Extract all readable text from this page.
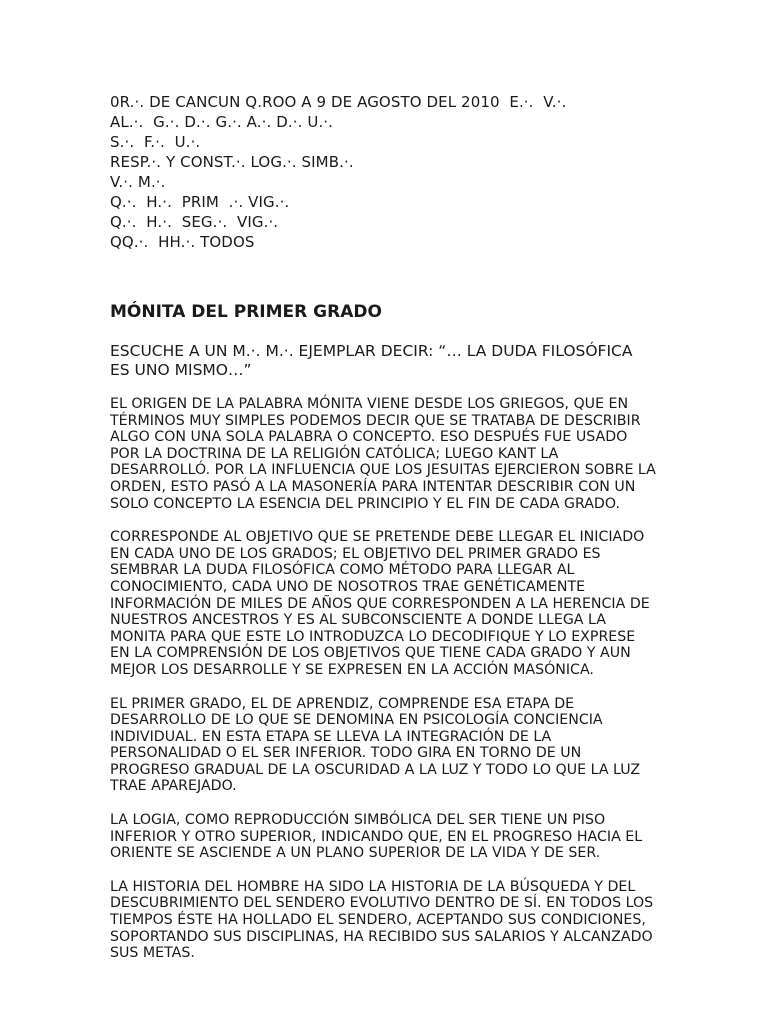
0R.·. DE CANCUN Q.ROO A 9 DE AGOSTO DEL 2010  E.·.  V.·.
AL.·.  G.·. D.·. G.·. A.·. D.·. U.·.
S.·.  F.·.  U.·.
RESP.·. Y CONST.·. LOG.·. SIMB.·.
V.·. M.·.
Q.·.  H.·.  PRIM  .·. VIG.·.
Q.·.  H.·.  SEG.·.  VIG.·.
QQ.·.  HH.·. TODOS
MÓNITA DEL PRIMER GRADO

ESCUCHE A UN M.·. M.·. EJEMPLAR DECIR: “… LA DUDA FILOSÓFICA ES UNO MISMO…”

EL ORIGEN DE LA PALABRA MÓNITA VIENE DESDE LOS GRIEGOS, QUE EN TÉRMINOS MUY SIMPLES PODEMOS DECIR QUE SE TRATABA DE DESCRIBIR ALGO CON UNA SOLA PALABRA O CONCEPTO. ESO DESPUÉS FUE USADO POR LA DOCTRINA DE LA RELIGIÓN CATÓLICA; LUEGO KANT LA DESARROLLÓ. POR LA INFLUENCIA QUE LOS JESUITAS EJERCIERON SOBRE LA ORDEN, ESTO PASÓ A LA MASONERÍA PARA INTENTAR DESCRIBIR CON UN SOLO CONCEPTO LA ESENCIA DEL PRINCIPIO Y EL FIN DE CADA GRADO.

CORRESPONDE AL OBJETIVO QUE SE PRETENDE DEBE LLEGAR EL INICIADO EN CADA UNO DE LOS GRADOS; EL OBJETIVO DEL PRIMER GRADO ES SEMBRAR LA DUDA FILOSÓFICA COMO MÉTODO PARA LLEGAR AL CONOCIMIENTO, CADA UNO DE NOSOTROS TRAE GENÉTICAMENTE INFORMACIÓN DE MILES DE AÑOS QUE CORRESPONDEN A LA HERENCIA DE NUESTROS ANCESTROS Y ES AL SUBCONSCIENTE A DONDE LLEGA LA MONITA PARA QUE ESTE LO INTRODUZCA LO DECODIFIQUE Y LO EXPRESE EN LA COMPRENSIÓN DE LOS OBJETIVOS QUE TIENE CADA GRADO Y AUN MEJOR LOS DESARROLLE Y SE EXPRESEN EN LA ACCIÓN MASÓNICA.

EL PRIMER GRADO, EL DE APRENDIZ, COMPRENDE ESA ETAPA DE DESARROLLO DE LO QUE SE DENOMINA EN PSICOLOGÍA CONCIENCIA INDIVIDUAL. EN ESTA ETAPA SE LLEVA LA INTEGRACIÓN DE LA PERSONALIDAD O EL SER INFERIOR. TODO GIRA EN TORNO DE UN PROGRESO GRADUAL DE LA OSCURIDAD A LA LUZ Y TODO LO QUE LA LUZ TRAE APAREJADO.

LA LOGIA, COMO REPRODUCCIÓN SIMBÓLICA DEL SER TIENE UN PISO INFERIOR Y OTRO SUPERIOR, INDICANDO QUE, EN EL PROGRESO HACIA EL ORIENTE SE ASCIENDE A UN PLANO SUPERIOR DE LA VIDA Y DE SER.

LA HISTORIA DEL HOMBRE HA SIDO LA HISTORIA DE LA BÚSQUEDA Y DEL DESCUBRIMIENTO DEL SENDERO EVOLUTIVO DENTRO DE SÍ. EN TODOS LOS TIEMPOS ÉSTE HA HOLLADO EL SENDERO, ACEPTANDO SUS CONDICIONES, SOPORTANDO SUS DISCIPLINAS, HA RECIBIDO SUS SALARIOS Y ALCANZADO SUS METAS.
